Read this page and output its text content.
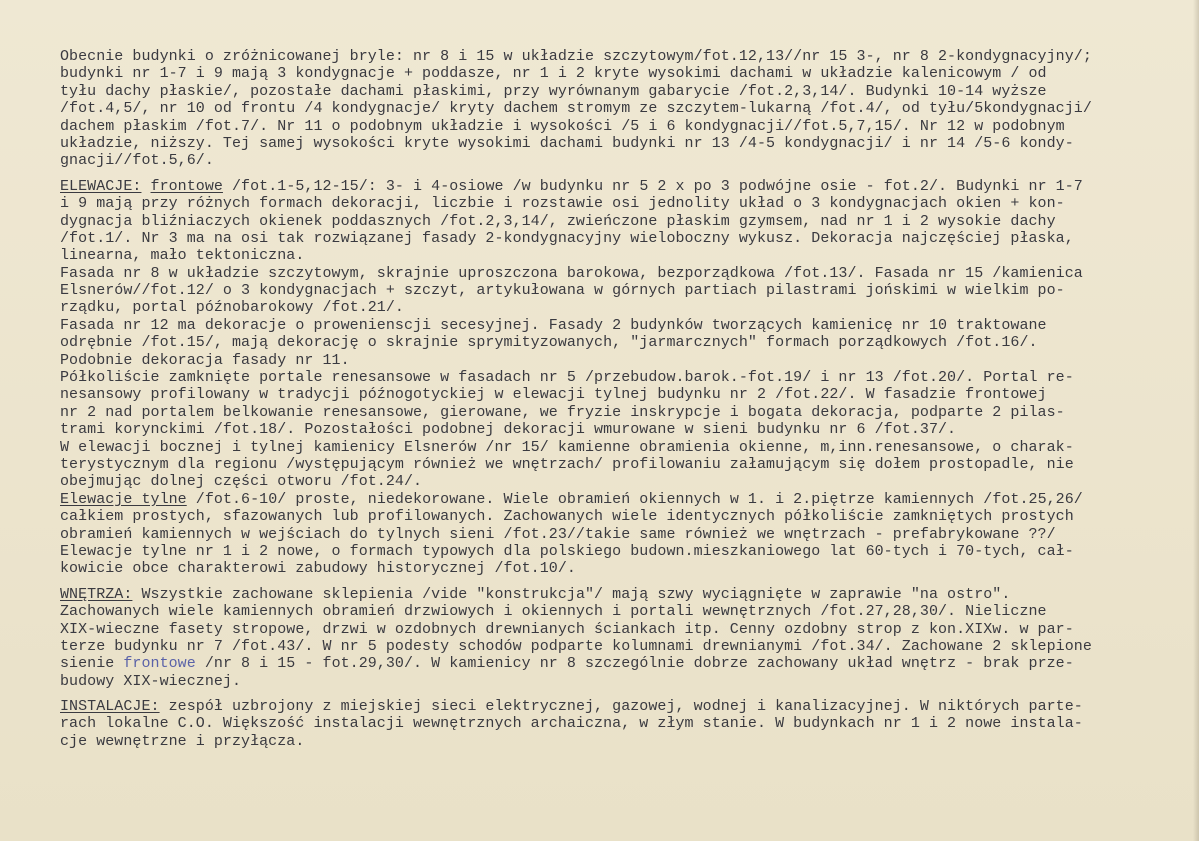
Obecnie budynki o zróżnicowanej bryle: nr 8 i 15 w układzie szczytowym/fot.12,13//nr 15 3-, nr 8 2-kondygnacyjny/;
budynki nr 1-7 i 9 mają 3 kondygnacje + poddasze, nr 1 i 2 kryte wysokimi dachami w układzie kalenicowym / od
tyłu dachy płaskie/, pozostałe dachami płaskimi, przy wyrównanym gabarycie /fot.2,3,14/. Budynki 10-14 wyższe
/fot.4,5/, nr 10 od frontu /4 kondygnacje/ kryty dachem stromym ze szczytem-lukarną /fot.4/, od tyłu/5kondygnacji/
dachem płaskim /fot.7/. Nr 11 o podobnym układzie i wysokości /5 i 6 kondygnacji//fot.5,7,15/. Nr 12 w podobnym
układzie, niższy. Tej samej wysokości kryte wysokimi dachami budynki nr 13 /4-5 kondygnacji/ i nr 14 /5-6 kondy-
gnacji//fot.5,6/.
ELEWACJE: frontowe /fot.1-5,12-15/: 3- i 4-osiowe /w budynku nr 5 2 x po 3 podwójne osie - fot.2/. Budynki nr 1-7
i 9 mają przy różnych formach dekoracji, liczbie i rozstawie osi jednolity układ o 3 kondygnacjach okien + kon-
dygnacja bliźniaczych okienek poddasznych /fot.2,3,14/, zwieńczone płaskim gzymsem, nad nr 1 i 2 wysokie dachy
/fot.1/. Nr 3 ma na osi tak rozwiązanej fasady 2-kondygnacyjny wieloboczny wykusz. Dekoracja najczęściej płaska,
linearna, mało tektoniczna.
Fasada nr 8 w układzie szczytowym, skrajnie uproszczona barokowa, bezporządkowa /fot.13/. Fasada nr 15 /kamienica
Elsnerów//fot.12/ o 3 kondygnacjach + szczyt, artykułowana w górnych partiach pilastrami jońskimi w wielkim po-
rządku, portal późnobarokowy /fot.21/.
Fasada nr 12 ma dekoracje o prowenienscji secesyjnej. Fasady 2 budynków tworzących kamienicę nr 10 traktowane
odrębnie /fot.15/, mają dekorację o skrajnie sprymityzowanych, "jarmarcznych" formach porządkowych /fot.16/.
Podobnie dekoracja fasady nr 11.
Półkoliście zamknięte portale renesansowe w fasadach nr 5 /przebudow.barok.-fot.19/ i nr 13 /fot.20/. Portal re-
nesansowy profilowany w tradycji późnogotyckiej w elewacji tylnej budynku nr 2 /fot.22/. W fasadzie frontowej
nr 2 nad portalem belkowanie renesansowe, gierowane, we fryzie inskrypcje i bogata dekoracja, podparte 2 pilas-
trami korynckimi /fot.18/. Pozostałości podobnej dekoracji wmurowane w sieni budynku nr 6 /fot.37/.
W elewacji bocznej i tylnej kamienicy Elsnerów /nr 15/ kamienne obramienia okienne, m,inn.renesansowe, o charak-
terystycznym dla regionu /występującym również we wnętrzach/ profilowaniu załamującym się dołem prostopadle, nie
obejmując dolnej części otworu /fot.24/.
Elewacje tylne /fot.6-10/ proste, niedekorowane. Wiele obramień okiennych w 1. i 2.piętrze kamiennych /fot.25,26/
całkiem prostych, sfazowanych lub profilowanych. Zachowanych wiele identycznych półkoliście zamkniętych prostych
obramień kamiennych w wejściach do tylnych sieni /fot.23//takie same również we wnętrzach - prefabrykowane ??/
Elewacje tylne nr 1 i 2 nowe, o formach typowych dla polskiego budown.mieszkaniowego lat 60-tych i 70-tych, cał-
kowicie obce charakterowi zabudowy historycznej /fot.10/.
WNĘTRZA: Wszystkie zachowane sklepienia /vide "konstrukcja"/ mają szwy wyciągnięte w zaprawie "na ostro".
Zachowanych wiele kamiennych obramień drzwiowych i okiennych i portali wewnętrznych /fot.27,28,30/. Nieliczne
XIX-wieczne fasety stropowe, drzwi w ozdobnych drewnianych ściankach itp. Cenny ozdobny strop z kon.XIXw. w par-
terze budynku nr 7 /fot.43/. W nr 5 podesty schodów podparte kolumnami drewnianymi /fot.34/. Zachowane 2 sklepione
sienie frontowe /nr 8 i 15 - fot.29,30/. W kamienicy nr 8 szczególnie dobrze zachowany układ wnętrz - brak prze-
budowy XIX-wiecznej.
INSTALACJE: zespół uzbrojony z miejskiej sieci elektrycznej, gazowej, wodnej i kanalizacyjnej. W niktórych parte-
rach lokalne C.O. Większość instalacji wewnętrznych archaiczna, w złym stanie. W budynkach nr 1 i 2 nowe instala-
cje wewnętrzne i przyłącza.
